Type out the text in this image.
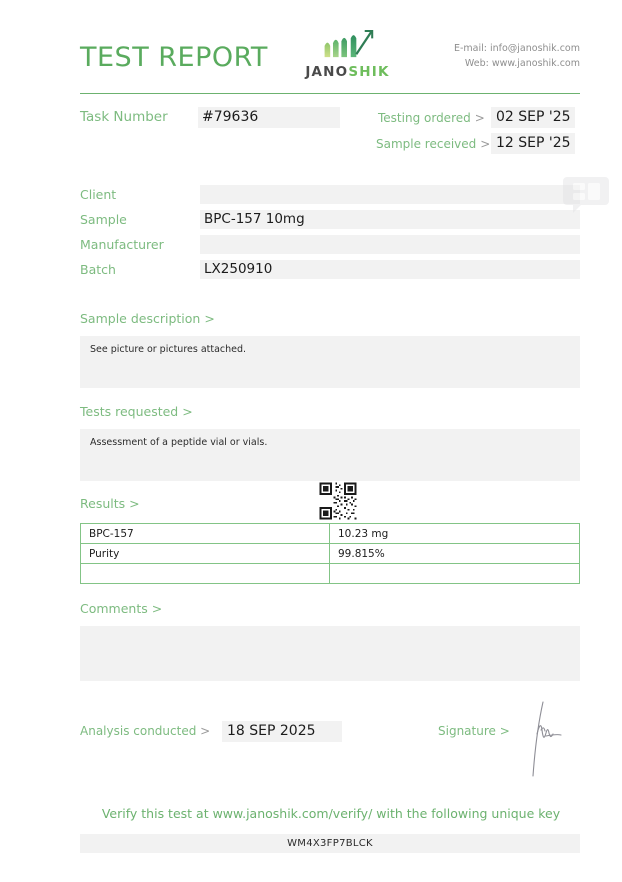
TEST REPORT	JANOSHIK
E-mail: info@janoshik.com
Web: www.janoshik.com
Task Number #79636	Testing ordered > 02 SEP '25
Sample received > 12 SEP '25
Client
Sample	BPC-157 10mg
Manufacturer
Batch	LX250910
Sample description >
See picture or pictures attached.
Tests requested >
Assessment of a peptide vial or vials.
Results >
BPC-157	10.23 mg
Purity	99.815%

Comments >
Analysis conducted >	18 SEP 2025	Signature >
Verify this test at www.janoshik.com/verify/ with the following unique key
WM4X3FP7BLCK
